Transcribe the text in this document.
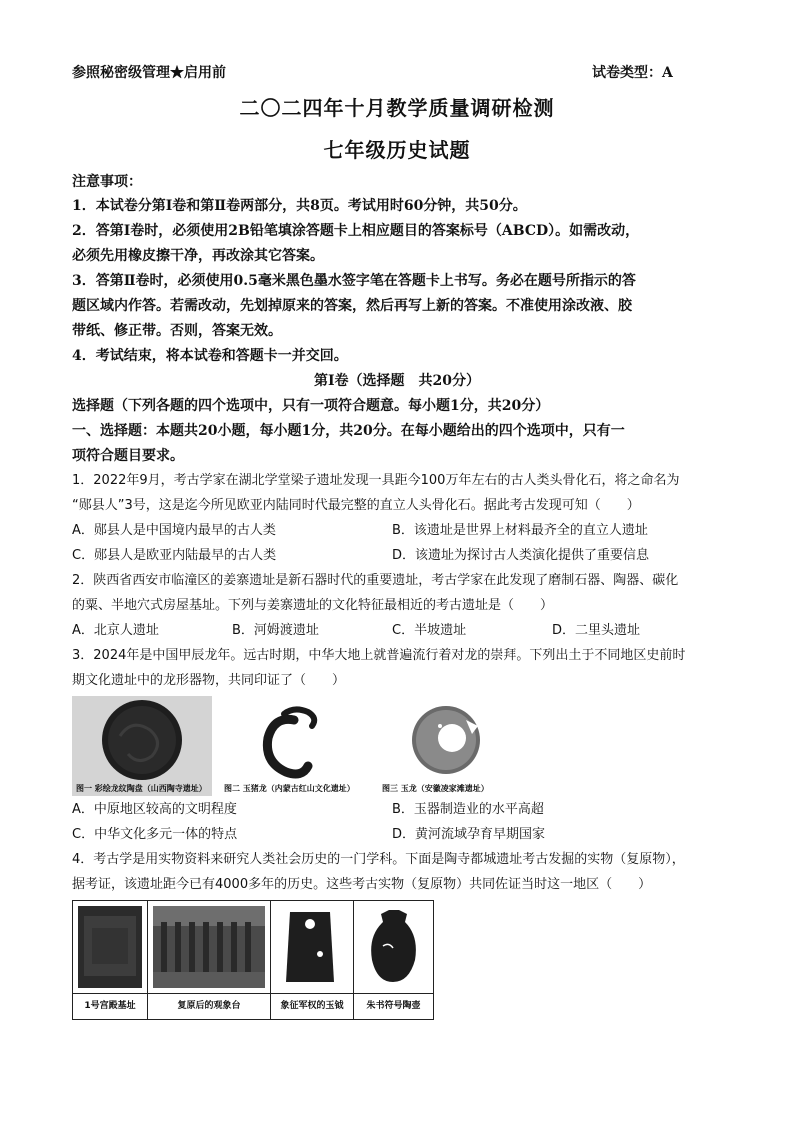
参照秘密级管理★启用前	试卷类型：A
二〇二四年十月教学质量调研检测
七年级历史试题
注意事项：
1．本试卷分第Ⅰ卷和第Ⅱ卷两部分，共8页。考试用时60分钟，共50分。
2．答第Ⅰ卷时，必须使用2B铅笔填涂答题卡上相应题目的答案标号（ABCD）。如需改动，
必须先用橡皮擦干净，再改涂其它答案。
3．答第Ⅱ卷时，必须使用0.5毫米黑色墨水签字笔在答题卡上书写。务必在题号所指示的答
题区域内作答。若需改动，先划掉原来的答案，然后再写上新的答案。不准使用涂改液、胶
带纸、修正带。否则，答案无效。
4．考试结束，将本试卷和答题卡一并交回。
第Ⅰ卷（选择题　共20分）
选择题（下列各题的四个选项中，只有一项符合题意。每小题1分，共20分）
一、选择题：本题共20小题，每小题1分，共20分。在每小题给出的四个选项中，只有一
项符合题目要求。
1．2022年9月，考古学家在湖北学堂梁子遗址发现一具距今100万年左右的古人类头骨化石，将之命名为
“郧县人”3号，这是迄今所见欧亚内陆同时代最完整的直立人头骨化石。据此考古发现可知（　　）
A．郧县人是中国境内最早的古人类	B．该遗址是世界上材料最齐全的直立人遗址
C．郧县人是欧亚内陆最早的古人类	D．该遗址为探讨古人类演化提供了重要信息
2．陕西省西安市临潼区的姜寨遗址是新石器时代的重要遗址，考古学家在此发现了磨制石器、陶器、碳化
的粟、半地穴式房屋基址。下列与姜寨遗址的文化特征最相近的考古遗址是（　　）
A．北京人遗址	B．河姆渡遗址	C．半坡遗址	D．二里头遗址
3．2024年是中国甲辰龙年。远古时期，中华大地上就普遍流行着对龙的崇拜。下列出土于不同地区史前时
期文化遗址中的龙形器物，共同印证了（　　）
图一 彩绘龙纹陶盘（山西陶寺遗址） 图二 玉猪龙（内蒙古红山文化遗址）	图三 玉龙（安徽凌家滩遗址）
A．中原地区较高的文明程度	B．玉器制造业的水平高超
C．中华文化多元一体的特点	D．黄河流域孕育早期国家
4．考古学是用实物资料来研究人类社会历史的一门学科。下面是陶寺都城遗址考古发掘的实物（复原物），
据考证，该遗址距今已有4000多年的历史。这些考古实物（复原物）共同佐证当时这一地区（　　）
1号宫殿基址	复原后的观象台	象征军权的玉钺	朱书符号陶壶
